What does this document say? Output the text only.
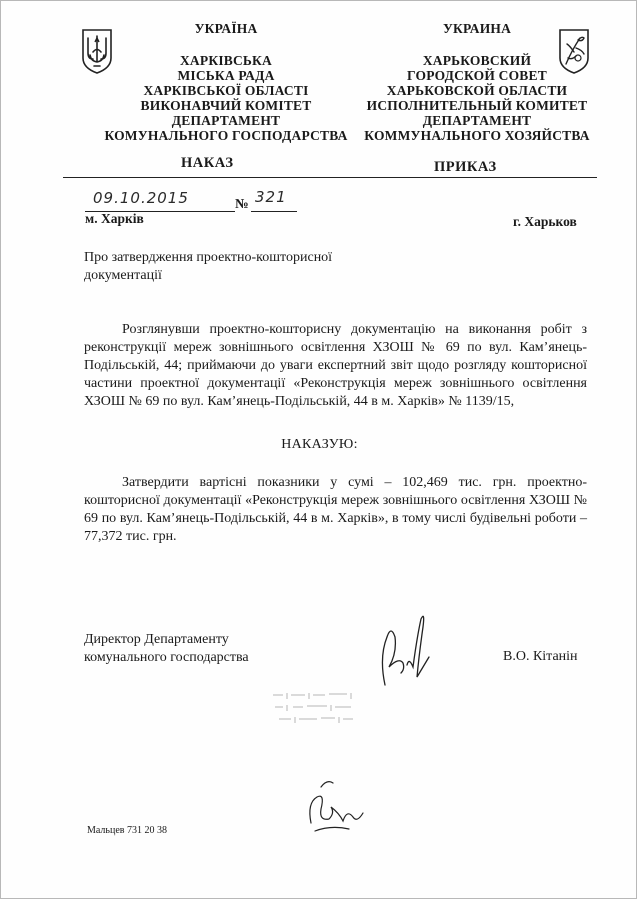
УКРАЇНА
ХАРКІВСЬКА
МІСЬКА РАДА
ХАРКІВСЬКОЇ ОБЛАСТІ
ВИКОНАВЧИЙ КОМІТЕТ
ДЕПАРТАМЕНТ
КОМУНАЛЬНОГО ГОСПОДАРСТВА
УКРАИНА
ХАРЬКОВСКИЙ
ГОРОДСКОЙ СОВЕТ
ХАРЬКОВСКОЙ ОБЛАСТИ
ИСПОЛНИТЕЛЬНЫЙ КОМИТЕТ
ДЕПАРТАМЕНТ
КОММУНАЛЬНОГО ХОЗЯЙСТВА
НАКАЗ	ПРИКАЗ
09.10.2015	№ 321
м. Харків	г. Харьков
Про затвердження проектно-кошторисної документації
Розглянувши проектно-кошторисну документацію на виконання робіт з реконструкції мереж зовнішнього освітлення ХЗОШ № 69 по вул. Кам’янець-Подільській, 44; приймаючи до уваги експертний звіт щодо розгляду кошторисної частини проектної документації «Реконструкція мереж зовнішнього освітлення ХЗОШ № 69 по вул. Кам’янець-Подільській, 44 в м. Харків» № 1139/15,
НАКАЗУЮ:
Затвердити вартісні показники у сумі – 102,469 тис. грн. проектно-кошторисної документації «Реконструкція мереж зовнішнього освітлення ХЗОШ № 69 по вул. Кам’янець-Подільській, 44 в м. Харків», в тому числі будівельні роботи – 77,372 тис. грн.
Директор Департаменту комунального господарства	В.О. Кітанін
Мальцев 731 20 38
